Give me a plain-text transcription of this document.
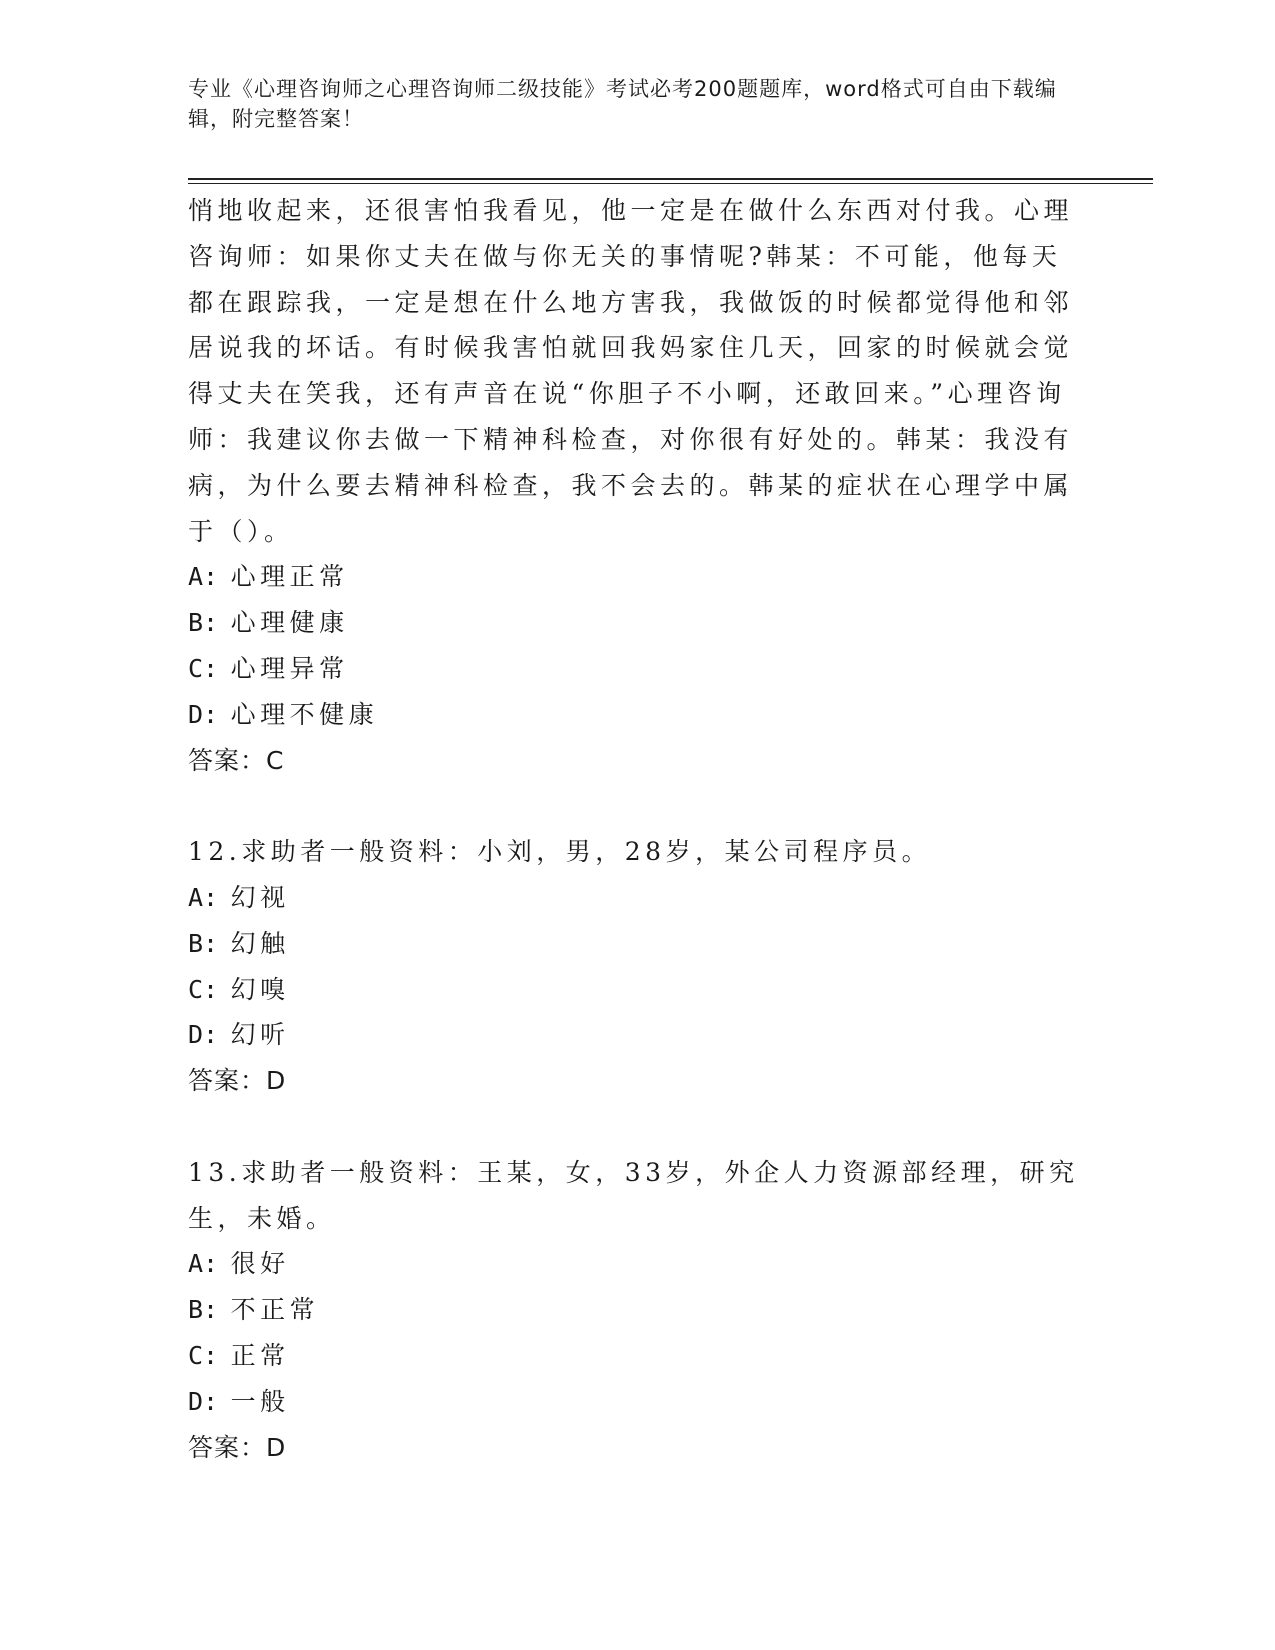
专业《心理咨询师之心理咨询师二级技能》考试必考200题题库，word格式可自由下载编辑，附完整答案！

悄地收起来，还很害怕我看见，他一定是在做什么东西对付我。心理咨询师：如果你丈夫在做与你无关的事情呢?韩某：不可能，他每天都在跟踪我，一定是想在什么地方害我，我做饭的时候都觉得他和邻居说我的坏话。有时候我害怕就回我妈家住几天，回家的时候就会觉得丈夫在笑我，还有声音在说“你胆子不小啊，还敢回来。”心理咨询师：我建议你去做一下精神科检查，对你很有好处的。韩某：我没有病，为什么要去精神科检查，我不会去的。韩某的症状在心理学中属于（）。

A: 心理正常

B: 心理健康

C: 心理异常

D: 心理不健康

答案：C

12.求助者一般资料：小刘，男，28岁，某公司程序员。

A: 幻视

B: 幻触

C: 幻嗅

D: 幻听

答案：D

13.求助者一般资料：王某，女，33岁，外企人力资源部经理，研究生，未婚。

A: 很好

B: 不正常

C: 正常

D: 一般

答案：D
